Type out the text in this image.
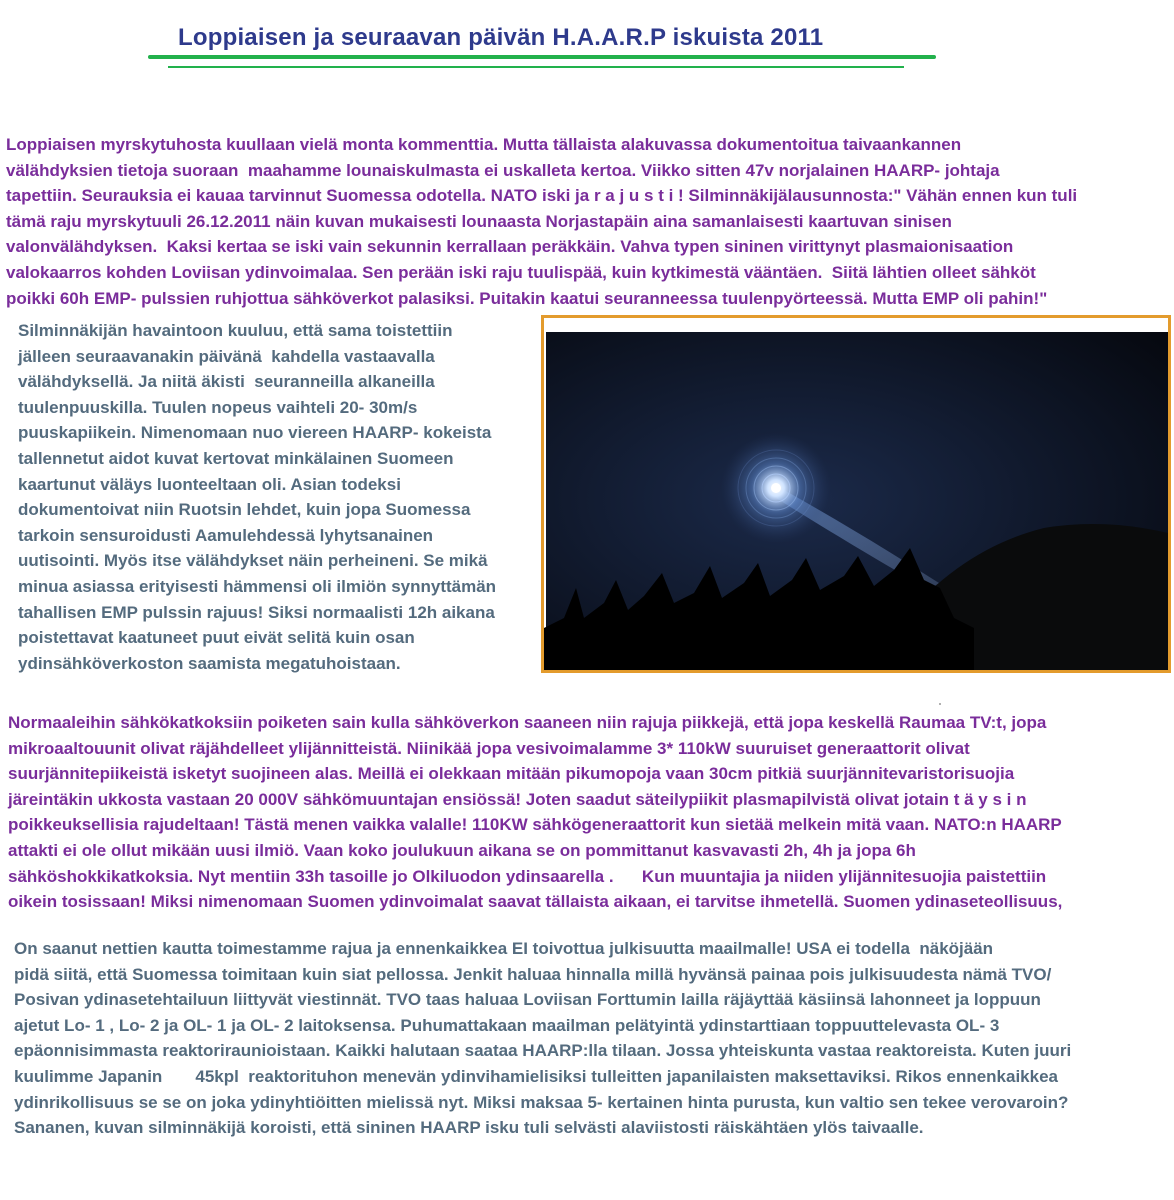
Loppiaisen ja seuraavan päivän H.A.A.R.P iskuista 2011
Loppiaisen myrskytuhosta kuullaan vielä monta kommenttia. Mutta tällaista alakuvassa dokumentoitua taivaankannen
välähdyksien tietoja suoraan  maahamme lounaiskulmasta ei uskalleta kertoa. Viikko sitten 47v norjalainen HAARP- johtaja
tapettiin. Seurauksia ei kauaa tarvinnut Suomessa odotella. NATO iski ja r a j u s t i ! Silminnäkijälausunnosta:" Vähän ennen kun tuli
tämä raju myrskytuuli 26.12.2011 näin kuvan mukaisesti lounaasta Norjastapäin aina samanlaisesti kaartuvan sinisen
valonvälähdyksen.  Kaksi kertaa se iski vain sekunnin kerrallaan peräkkäin. Vahva typen sininen virittynyt plasmaionisaation
valokaarros kohden Loviisan ydinvoimalaa. Sen perään iski raju tuulispää, kuin kytkimestä vääntäen.  Siitä lähtien olleet sähköt
poikki 60h EMP- pulssien ruhjottua sähköverkot palasiksi. Puitakin kaatui seuranneessa tuulenpyörteessä. Mutta EMP oli pahin!"
Silminnäkijän havaintoon kuuluu, että sama toistettiin
jälleen seuraavanakin päivänä  kahdella vastaavalla
välähdyksellä. Ja niitä äkisti  seuranneilla alkaneilla
tuulenpuuskilla. Tuulen nopeus vaihteli 20- 30m/s
puuskapiikein. Nimenomaan nuo viereen HAARP- kokeista
tallennetut aidot kuvat kertovat minkälainen Suomeen
kaartunut väläys luonteeltaan oli. Asian todeksi
dokumentoivat niin Ruotsin lehdet, kuin jopa Suomessa
tarkoin sensuroidusti Aamulehdessä lyhytsanainen
uutisointi. Myös itse välähdykset näin perheineni. Se mikä
minua asiassa erityisesti hämmensi oli ilmiön synnyttämän
tahallisen EMP pulssin rajuus! Siksi normaalisti 12h aikana
poistettavat kaatuneet puut eivät selitä kuin osan
ydinsähköverkoston saamista megatuhoistaan.
Normaaleihin sähkökatkoksiin poiketen sain kulla sähköverkon saaneen niin rajuja piikkejä, että jopa keskellä Raumaa TV:t, jopa
mikroaaltouunit olivat räjähdelleet ylijännitteistä. Niinikää jopa vesivoimalamme 3* 110kW suuruiset generaattorit olivat
suurjännitepiikeistä isketyt suojineen alas. Meillä ei olekkaan mitään pikumopoja vaan 30cm pitkiä suurjännitevaristorisuojia
järeintäkin ukkosta vastaan 20 000V sähkömuuntajan ensiössä! Joten saadut säteilypiikit plasmapilvistä olivat jotain t ä y s i n
poikkeuksellisia rajudeltaan! Tästä menen vaikka valalle! 110KW sähkögeneraattorit kun sietää melkein mitä vaan. NATO:n HAARP
attakti ei ole ollut mikään uusi ilmiö. Vaan koko joulukuun aikana se on pommittanut kasvavasti 2h, 4h ja jopa 6h
sähköshokkikatkoksia. Nyt mentiin 33h tasoille jo Olkiluodon ydinsaarella .      Kun muuntajia ja niiden ylijännitesuojia paistettiin
oikein tosissaan! Miksi nimenomaan Suomen ydinvoimalat saavat tällaista aikaan, ei tarvitse ihmetellä. Suomen ydinaseteollisuus,
On saanut nettien kautta toimestamme rajua ja ennenkaikkea EI toivottua julkisuutta maailmalle! USA ei todella  näköjään
pidä siitä, että Suomessa toimitaan kuin siat pellossa. Jenkit haluaa hinnalla millä hyvänsä painaa pois julkisuudesta nämä TVO/
Posivan ydinasetehtailuun liittyvät viestinnät. TVO taas haluaa Loviisan Forttumin lailla räjäyttää käsiinsä lahonneet ja loppuun
ajetut Lo- 1 , Lo- 2 ja OL- 1 ja OL- 2 laitoksensa. Puhumattakaan maailman pelätyintä ydinstarttiaan toppuuttelevasta OL- 3
epäonnisimmasta reaktoriraunioistaan. Kaikki halutaan saataa HAARP:lla tilaan. Jossa yhteiskunta vastaa reaktoreista. Kuten juuri
kuulimme Japanin       45kpl  reaktorituhon menevän ydinvihamielisiksi tulleitten japanilaisten maksettaviksi. Rikos ennenkaikkea
ydinrikollisuus se se on joka ydinyhtiöitten mielissä nyt. Miksi maksaa 5- kertainen hinta purusta, kun valtio sen tekee verovaroin?
Sananen, kuvan silminnäkijä koroisti, että sininen HAARP isku tuli selvästi alaviistosti räiskähtäen ylös taivaalle.
